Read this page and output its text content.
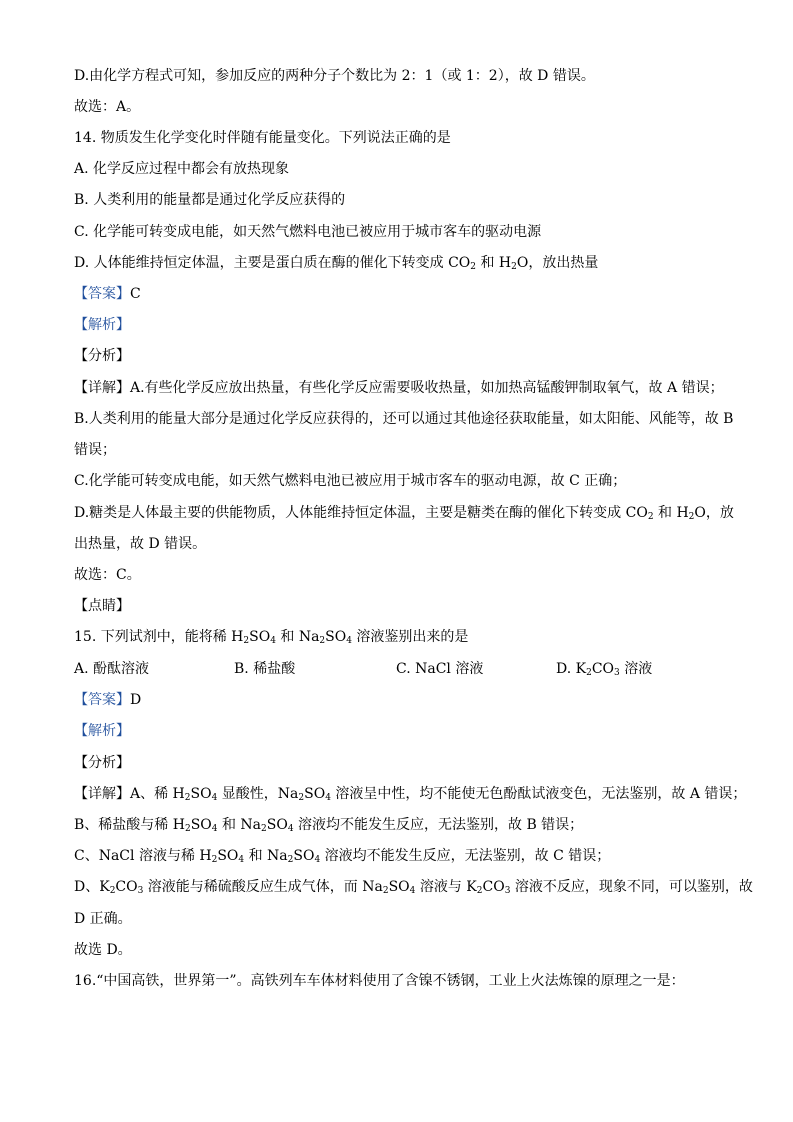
D.由化学方程式可知，参加反应的两种分子个数比为 2：1（或 1：2），故 D 错误。
故选：A。
14. 物质发生化学变化时伴随有能量变化。下列说法正确的是
A. 化学反应过程中都会有放热现象
B. 人类利用的能量都是通过化学反应获得的
C. 化学能可转变成电能，如天然气燃料电池已被应用于城市客车的驱动电源
D. 人体能维持恒定体温，主要是蛋白质在酶的催化下转变成 $CO_2$ 和 $H_2O$，放出热量
【答案】C
【解析】
【分析】
【详解】A.有些化学反应放出热量，有些化学反应需要吸收热量，如加热高锰酸钾制取氧气，故 A 错误；
B.人类利用的能量大部分是通过化学反应获得的，还可以通过其他途径获取能量，如太阳能、风能等，故 B
错误；
C.化学能可转变成电能，如天然气燃料电池已被应用于城市客车的驱动电源，故 C 正确；
D.糖类是人体最主要的供能物质，人体能维持恒定体温，主要是糖类在酶的催化下转变成 $CO_2$ 和 $H_2O$，放
出热量，故 D 错误。
故选：C。
【点睛】
15. 下列试剂中，能将稀 $H_2SO_4$ 和 $Na_2SO_4$ 溶液鉴别出来的是
A. 酚酞溶液	B. 稀盐酸	C. NaCl 溶液	D. $K_2CO_3$ 溶液
【答案】D
【解析】
【分析】
【详解】A、稀 $H_2SO_4$ 显酸性，$Na_2SO_4$ 溶液呈中性，均不能使无色酚酞试液变色，无法鉴别，故 A 错误；
B、稀盐酸与稀 $H_2SO_4$ 和 $Na_2SO_4$ 溶液均不能发生反应，无法鉴别，故 B 错误；
C、NaCl 溶液与稀 $H_2SO_4$ 和 $Na_2SO_4$ 溶液均不能发生反应，无法鉴别，故 C 错误；
D、$K_2CO_3$ 溶液能与稀硫酸反应生成气体，而 $Na_2SO_4$ 溶液与 $K_2CO_3$ 溶液不反应，现象不同，可以鉴别，故
D 正确。
故选 D。
16.“中国高铁，世界第一”。高铁列车车体材料使用了含镍不锈钢，工业上火法炼镍的原理之一是：
